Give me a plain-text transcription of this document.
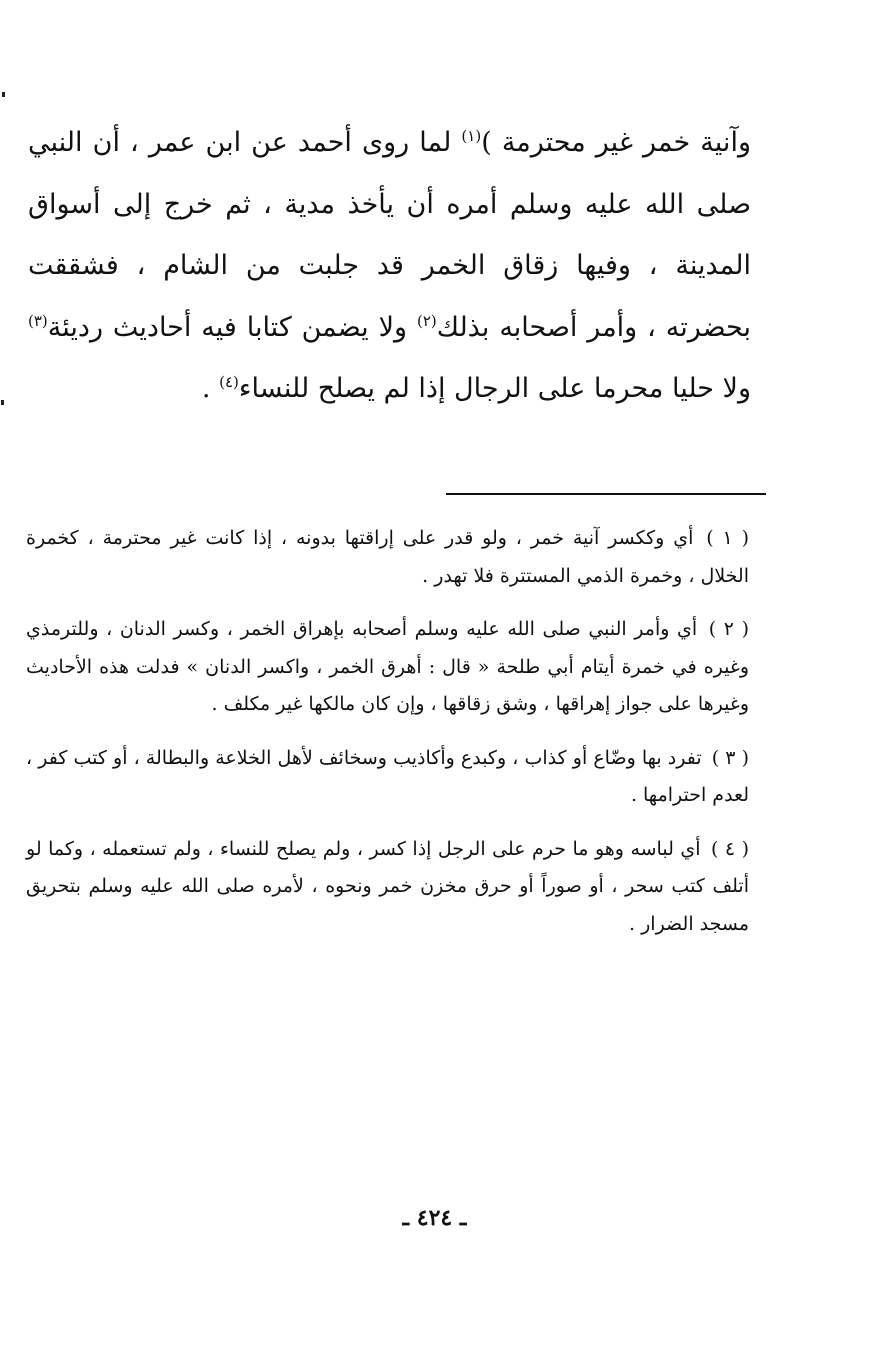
وآنية خمر غير محترمة )$^{(١)}$ لما روى أحمد عن ابن عمر ، أن النبي صلى الله عليه وسلم أمره أن يأخذ مدية ، ثم خرج إلى أسواق المدينة ، وفيها زقاق الخمر قد جلبت من الشام ، فشققت بحضرته ، وأمر أصحابه بذلك$^{(٢)}$ ولا يضمن كتابا فيه أحاديث رديئة$^{(٣)}$ ولا حليا محرما على الرجال إذا لم يصلح للنساء$^{(٤)}$ .

( ١ ) أي وككسر آنية خمر ، ولو قدر على إراقتها بدونه ، إذا كانت غير محترمة ، كخمرة الخلال ، وخمرة الذمي المستترة فلا تهدر .

( ٢ ) أي وأمر النبي صلى الله عليه وسلم أصحابه بإهراق الخمر ، وكسر الدنان ، وللترمذي وغيره في خمرة أيتام أبي طلحة « قال : أهرق الخمر ، واكسر الدنان » فدلت هذه الأحاديث وغيرها على جواز إهراقها ، وشق زقاقها ، وإن كان مالكها غير مكلف .

( ٣ ) تفرد بها وضّاع أو كذاب ، وكبدع وأكاذيب وسخائف لأهل الخلاعة والبطالة ، أو كتب كفر ، لعدم احترامها .

( ٤ ) أي لباسه وهو ما حرم على الرجل إذا كسر ، ولم يصلح للنساء ، ولم تستعمله ، وكما لو أتلف كتب سحر ، أو صوراً أو حرق مخزن خمر ونحوه ، لأمره صلى الله عليه وسلم بتحريق مسجد الضرار .

ـ ٤٢٤ ـ
